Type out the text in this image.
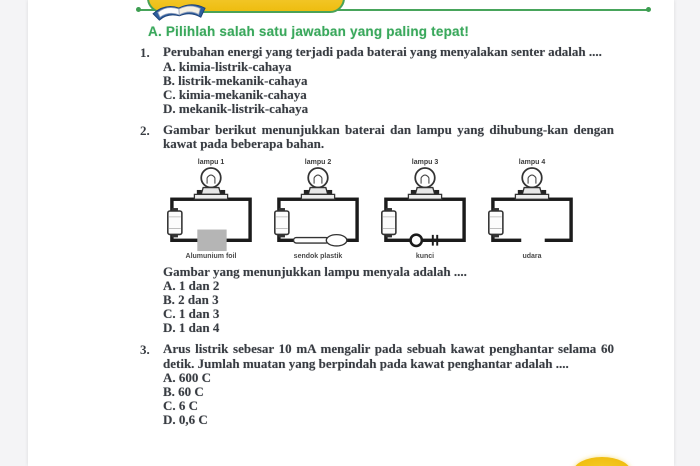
A. Pilihlah salah satu jawaban yang paling tepat!
1.	Perubahan energi yang terjadi pada baterai yang menyalakan senter adalah ....

A. kimia-listrik-cahaya
B. listrik-mekanik-cahaya
C. kimia-mekanik-cahaya
D. mekanik-listrik-cahaya
2.	Gambar berikut menunjukkan baterai dan lampu yang dihubung-kan dengan kawat pada beberapa bahan.

lampu 1
Alumunium foil
lampu 2
sendok plastik
lampu 3
kunci
lampu 4
udara

Gambar yang menunjukkan lampu menyala adalah ....

A. 1 dan 2
B. 2 dan 3
C. 1 dan 3
D. 1 dan 4
3.	Arus listrik sebesar 10 mA mengalir pada sebuah kawat penghantar selama 60 detik. Jumlah muatan yang berpindah pada kawat penghantar adalah ....

A. 600 C
B. 60 C
C. 6 C
D. 0,6 C
